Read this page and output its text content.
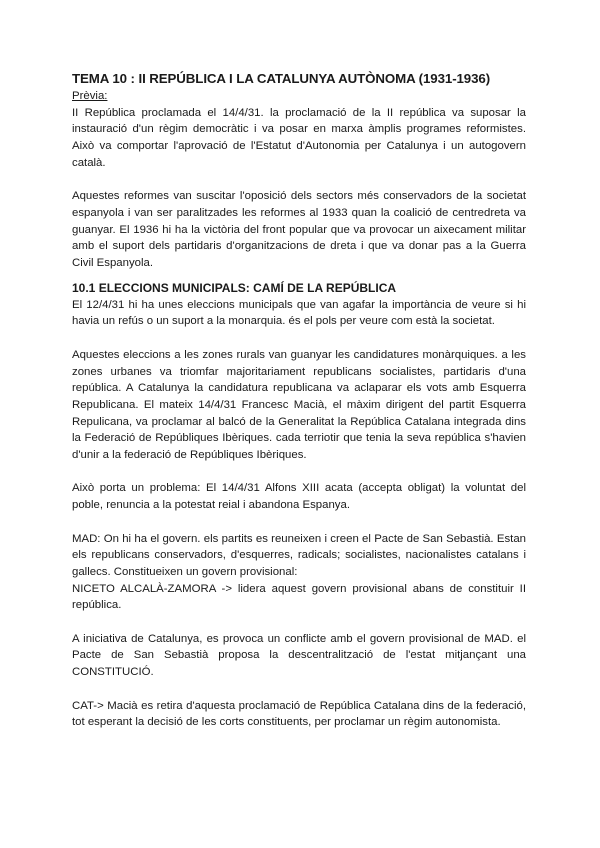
TEMA 10 : II REPÚBLICA I LA CATALUNYA AUTÒNOMA (1931-1936)
Prèvia:

II República proclamada el 14/4/31. la proclamació de la II república va suposar la instauració d'un règim democràtic i va posar en marxa àmplis programes reformistes. Això va comportar l'aprovació de l'Estatut d'Autonomia per Catalunya i un autogovern català.

Aquestes reformes van suscitar l'oposició dels sectors més conservadors de la societat espanyola i van ser paralitzades les reformes al 1933 quan la coalició de centredreta va guanyar. El 1936 hi ha la victòria del front popular que va provocar un aixecament militar amb el suport dels partidaris d'organitzacions de dreta i que va donar pas a la Guerra Civil Espanyola.

10.1 ELECCIONS MUNICIPALS: CAMÍ DE LA REPÚBLICA

El 12/4/31 hi ha unes eleccions municipals que van agafar la importància de veure si hi havia un refús o un suport a la monarquia. és el pols per veure com està la societat.

Aquestes eleccions a les zones rurals van guanyar les candidatures monàrquiques. a les zones urbanes va triomfar majoritariament republicans socialistes, partidaris d'una república. A Catalunya la candidatura republicana va aclaparar els vots amb Esquerra Republicana. El mateix 14/4/31 Francesc Macià, el màxim dirigent del partit Esquerra Repulicana, va proclamar al balcó de la Generalitat la República Catalana integrada dins la Federació de Repúbliques Ibèriques. cada terriotir que tenia la seva república s'havien d'unir a la federació de Repúbliques Ibèriques.

Això porta un problema: El 14/4/31 Alfons XIII acata (accepta obligat) la voluntat del poble, renuncia a la potestat reial i abandona Espanya.

MAD: On hi ha el govern. els partits es reuneixen i creen el Pacte de San Sebastià. Estan els republicans conservadors, d'esquerres, radicals; socialistes, nacionalistes catalans i gallecs. Constitueixen un govern provisional:

NICETO ALCALÀ-ZAMORA -> lidera aquest govern provisional abans de constituir II república.

A iniciativa de Catalunya, es provoca un conflicte amb el govern provisional de MAD. el Pacte de San Sebastià proposa la descentralització de l'estat mitjançant una CONSTITUCIÓ.

CAT-> Macià es retira d'aquesta proclamació de República Catalana dins de la federació, tot esperant la decisió de les corts constituents, per proclamar un règim autonomista.
